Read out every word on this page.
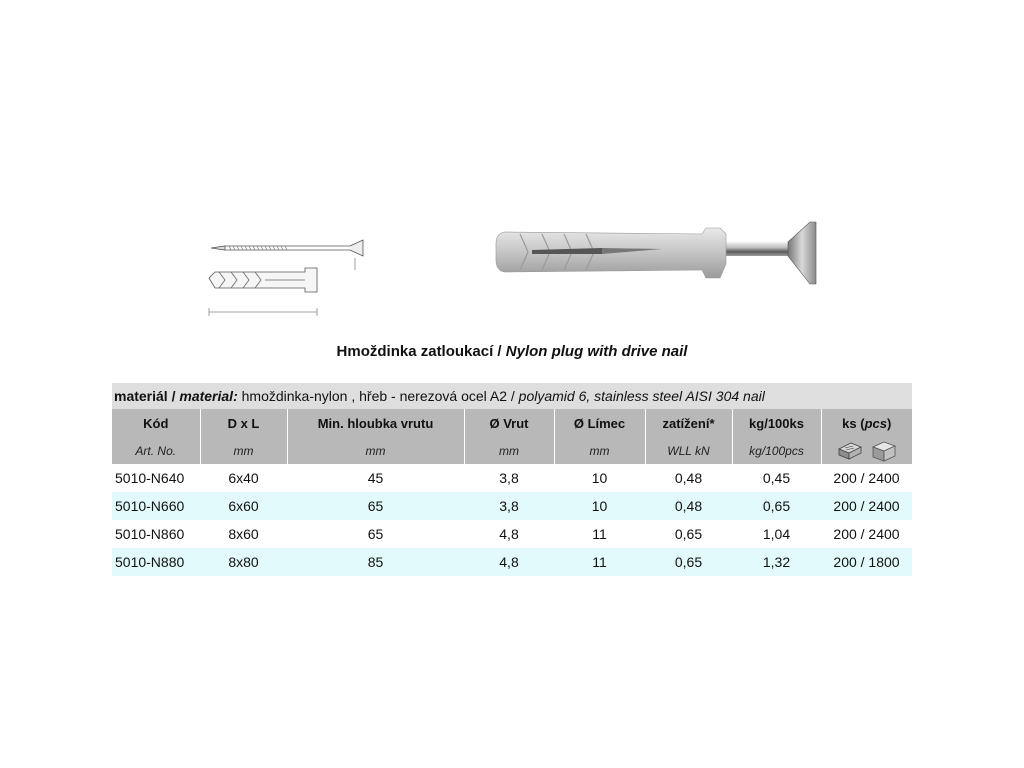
Hmoždinka zatloukací / Nylon plug with drive nail
materiál / material: hmoždinka-nylon , hřeb - nerezová ocel A2 / polyamid 6, stainless steel AISI 304 nail							
Kód	D x L	Min. hloubka vrutu	Ø Vrut	Ø Límec	zatížení*	kg/100ks	ks (pcs)
Art. No.	mm	mm	mm	mm	WLL kN	kg/100pcs	

5010-N640	6x40	45	3,8	10	0,48	0,45	200 / 2400
5010-N660	6x60	65	3,8	10	0,48	0,65	200 / 2400
5010-N860	8x60	65	4,8	11	0,65	1,04	200 / 2400
5010-N880	8x80	85	4,8	11	0,65	1,32	200 / 1800
